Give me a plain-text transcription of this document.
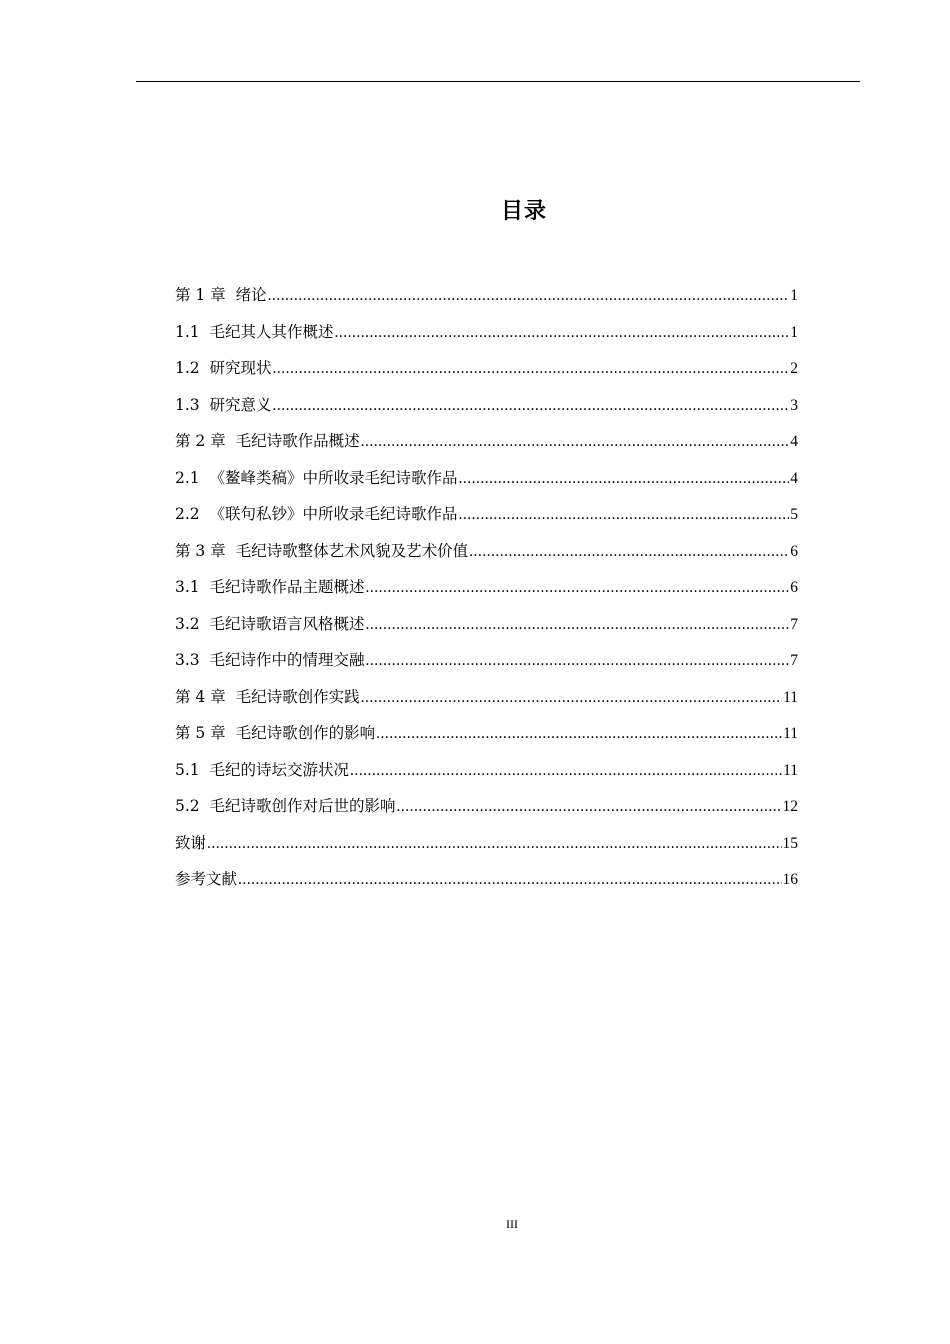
目录
第 1 章  绪论 .....	1
1.1  毛纪其人其作概述 .....	1
1.2  研究现状 .....	2
1.3  研究意义 .....	3
第 2 章  毛纪诗歌作品概述 .....	4
2.1  《鳌峰类稿》中所收录毛纪诗歌作品 .....	4
2.2  《联句私钞》中所收录毛纪诗歌作品 .....	5
第 3 章  毛纪诗歌整体艺术风貌及艺术价值 .....	6
3.1  毛纪诗歌作品主题概述 .....	6
3.2  毛纪诗歌语言风格概述 .....	7
3.3  毛纪诗作中的情理交融 .....	7
第 4 章  毛纪诗歌创作实践 .....	11
第 5 章  毛纪诗歌创作的影响 .....	11
5.1  毛纪的诗坛交游状况 .....	11
5.2  毛纪诗歌创作对后世的影响 .....	12
致谢 .....	15
参考文献 .....	16
III
